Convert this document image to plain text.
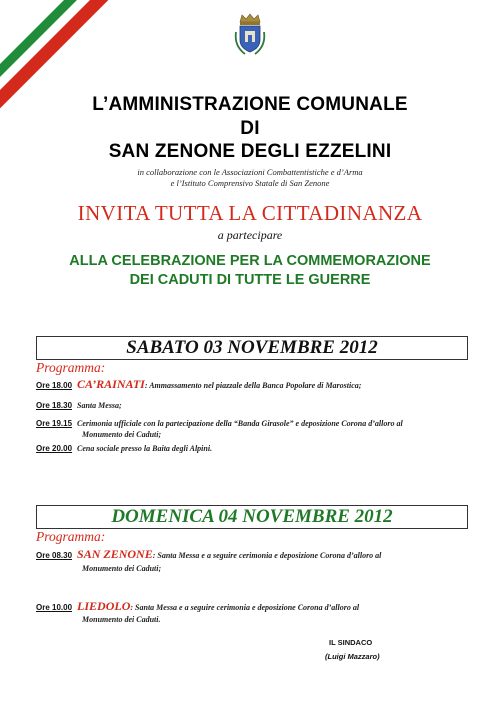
L’AMMINISTRAZIONE COMUNALE

DI

SAN ZENONE DEGLI EZZELINI

in collaborazione con le Associazioni Combattentistiche e d’Arma

e l’Istituto Comprensivo Statale di San Zenone

INVITA TUTTA LA CITTADINANZA

a partecipare

ALLA CELEBRAZIONE PER LA COMMEMORAZIONE

DEI CADUTI DI TUTTE LE GUERRE

SABATO 03 NOVEMBRE 2012
Programma:
Ore 18.00 CA’RAINATI: Ammassamento nel piazzale della Banca Popolare di Marostica;
Ore 18.30 Santa Messa;
Ore 19.15 Cerimonia ufficiale con la partecipazione della “Banda Girasole” e deposizione Corona d’alloro al
Monumento dei Caduti;
Ore 20.00 Cena sociale presso la Baita degli Alpini.
DOMENICA 04 NOVEMBRE 2012
Programma:
Ore 08.30 SAN ZENONE: Santa Messa e a seguire cerimonia e deposizione Corona d’alloro al
Monumento dei Caduti;
Ore 10.00 LIEDOLO: Santa Messa e a seguire cerimonia e deposizione Corona d’alloro al
Monumento dei Caduti.
IL SINDACO
(Luigi Mazzaro)
